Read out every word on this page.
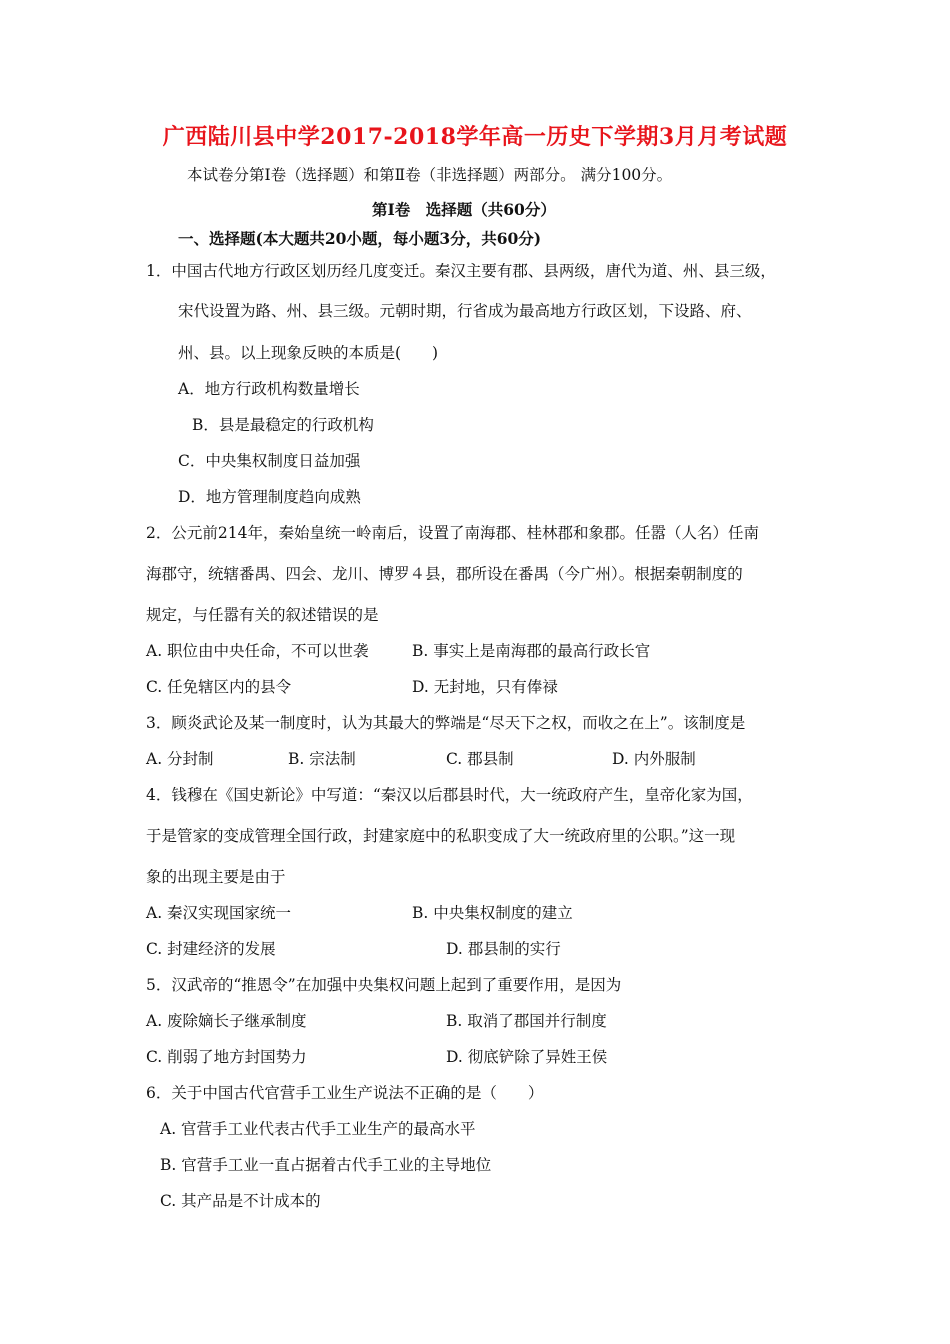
广西陆川县中学2017-2018学年高一历史下学期3月月考试题
本试卷分第Ⅰ卷（选择题）和第Ⅱ卷（非选择题）两部分。 满分100分。
第Ⅰ卷　选择题（共60分）
一、选择题(本大题共20小题，每小题3分，共60分)
1．中国古代地方行政区划历经几度变迁。秦汉主要有郡、县两级，唐代为道、州、县三级，
宋代设置为路、州、县三级。元朝时期，行省成为最高地方行政区划，下设路、府、
州、县。以上现象反映的本质是(　　)
A．地方行政机构数量增长
B．县是最稳定的行政机构
C．中央集权制度日益加强
D．地方管理制度趋向成熟
2．公元前214年，秦始皇统一岭南后，设置了南海郡、桂林郡和象郡。任嚣（人名）任南
海郡守，统辖番禺、四会、龙川、博罗４县，郡所设在番禺（今广州）。根据秦朝制度的
规定，与任嚣有关的叙述错误的是
A. 职位由中央任命，不可以世袭	B. 事实上是南海郡的最高行政长官
C. 任免辖区内的县令	D. 无封地，只有俸禄
3．顾炎武论及某一制度时，认为其最大的弊端是“尽天下之权，而收之在上”。该制度是
A. 分封制	B. 宗法制	C. 郡县制	D. 内外服制
4．钱穆在《国史新论》中写道：“秦汉以后郡县时代，大一统政府产生，皇帝化家为国，
于是管家的变成管理全国行政，封建家庭中的私职变成了大一统政府里的公职。”这一现
象的出现主要是由于
A. 秦汉实现国家统一	B. 中央集权制度的建立
C. 封建经济的发展	D. 郡县制的实行
5．汉武帝的“推恩令”在加强中央集权问题上起到了重要作用，是因为
A. 废除嫡长子继承制度	B. 取消了郡国并行制度
C. 削弱了地方封国势力	D. 彻底铲除了异姓王侯
6．关于中国古代官营手工业生产说法不正确的是（　　）
A. 官营手工业代表古代手工业生产的最高水平
B. 官营手工业一直占据着古代手工业的主导地位
C. 其产品是不计成本的
